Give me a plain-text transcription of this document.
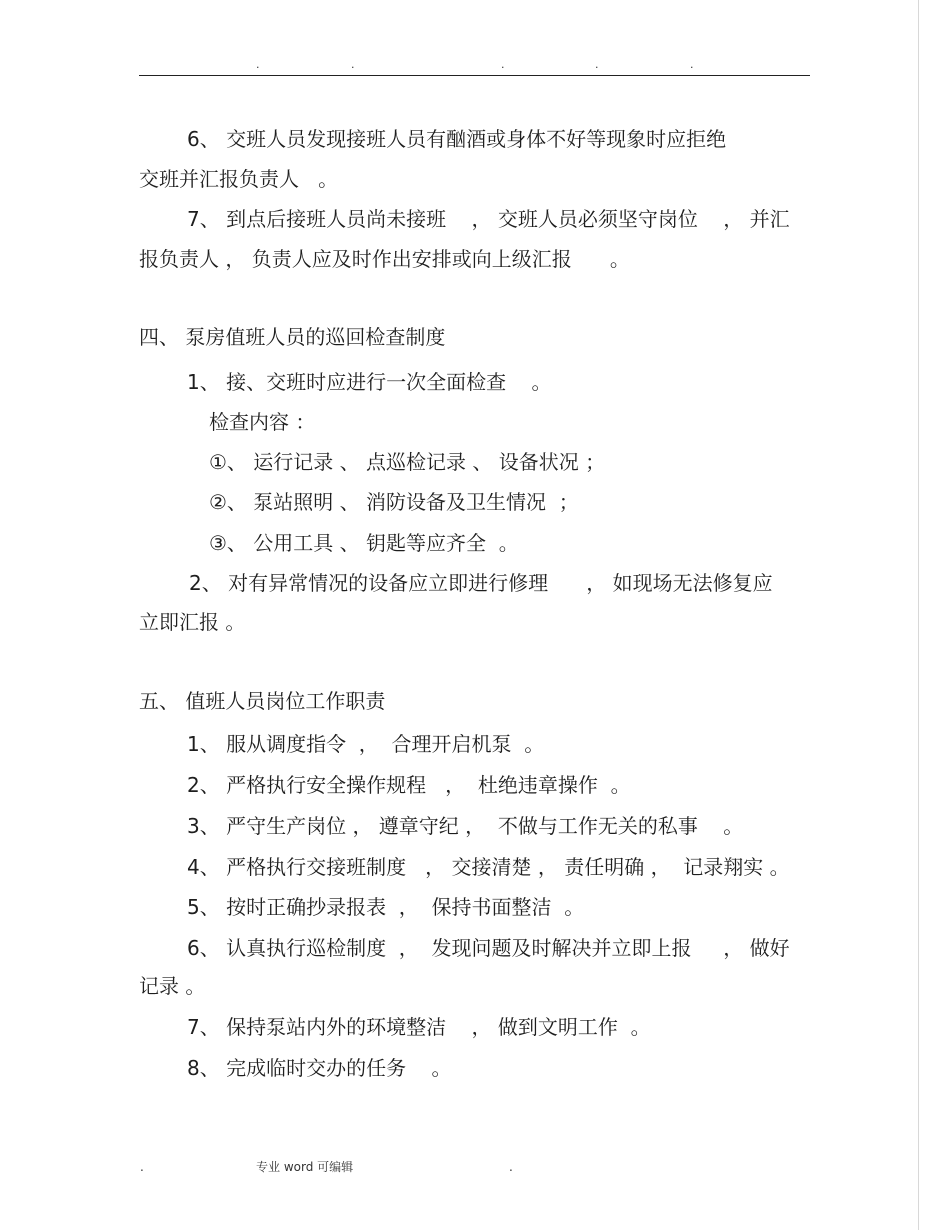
.	.	.	.	.
6、 交班人员发现接班人员有酗酒或身体不好等现象时应拒绝
交班并汇报负责人   。
7、 到点后接班人员尚未接班    ， 交班人员必须坚守岗位    ， 并汇
报负责人 ， 负责人应及时作出安排或向上级汇报      。
四、 泵房值班人员的巡回检查制度
1、 接、交班时应进行一次全面检查    。
检查内容 ：
①、 运行记录 、 点巡检记录 、 设备状况 ；
②、 泵站照明 、 消防设备及卫生情况  ；
③、 公用工具 、 钥匙等应齐全  。
2、 对有异常情况的设备应立即进行修理      ， 如现场无法修复应
立即汇报 。
五、 值班人员岗位工作职责
1、 服从调度指令  ，  合理开启机泵  。
2、 严格执行安全操作规程   ，  杜绝违章操作  。
3、 严守生产岗位 ， 遵章守纪 ，  不做与工作无关的私事    。
4、 严格执行交接班制度   ， 交接清楚 ， 责任明确 ，  记录翔实 。
5、 按时正确抄录报表  ，  保持书面整洁  。
6、 认真执行巡检制度  ，  发现问题及时解决并立即上报     ， 做好
记录 。
7、 保持泵站内外的环境整洁    ， 做到文明工作  。
8、 完成临时交办的任务    。
.	专业 word 可编辑	.
